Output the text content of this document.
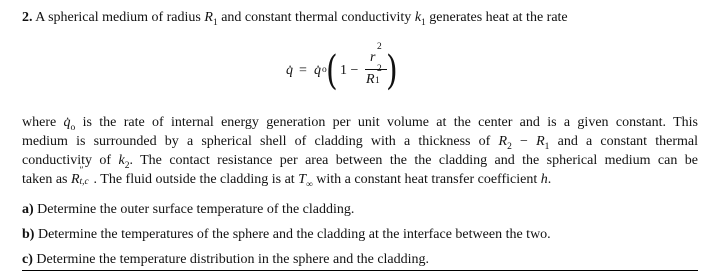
2. A spherical medium of radius $R_1$ and constant thermal conductivity $k_1$ generates heat at the rate
q̇ = q̇ o ( 1 −
r
2
R 1 )
where $q̇_o$ is the rate of internal energy generation per unit volume at the center and is a given constant. This
medium is surrounded by a spherical shell of cladding with a thickness of $R_2 - R_1$ and a constant thermal
conductivity of $k_2$. The contact resistance per area between the the cladding and the spherical medium can be
taken as R
″
t,c . The fluid outside the cladding is at $T_\infty$ with a constant heat transfer coefficient h.
a) Determine the outer surface temperature of the cladding.
b) Determine the temperatures of the sphere and the cladding at the interface between the two.
c) Determine the temperature distribution in the sphere and the cladding.
